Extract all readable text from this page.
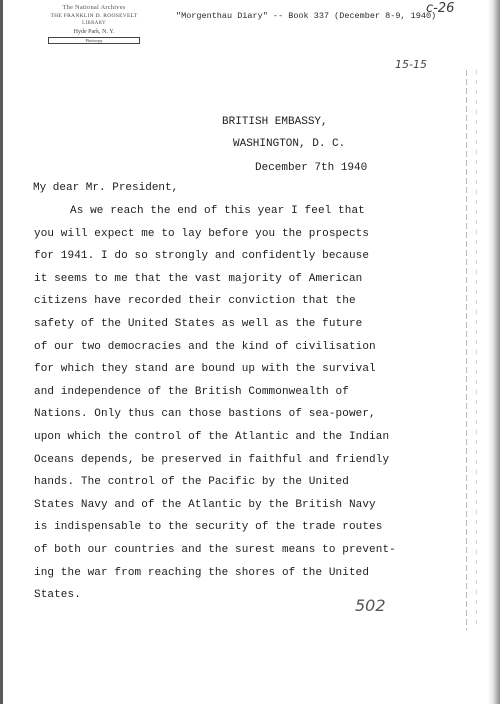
The National Archives
THE FRANKLIN D. ROOSEVELT
LIBRARY
Hyde Park, N. Y.
Photocopy
"Morgenthau Diary" -- Book 337 (December 8-9, 1940)
c-26
15-15
BRITISH EMBASSY,
WASHINGTON, D. C.
December 7th 1940
My dear Mr. President,
As we reach the end of this year I feel that
you will expect me to lay before you the prospects
for 1941. I do so strongly and confidently because
it seems to me that the vast majority of American
citizens have recorded their conviction that the
safety of the United States as well as the future
of our two democracies and the kind of civilisation
for which they stand are bound up with the survival
and independence of the British Commonwealth of
Nations. Only thus can those bastions of sea-power,
upon which the control of the Atlantic and the Indian
Oceans depends, be preserved in faithful and friendly
hands. The control of the Pacific by the United
States Navy and of the Atlantic by the British Navy
is indispensable to the security of the trade routes
of both our countries and the surest means to prevent-
ing the war from reaching the shores of the United
States.
502
